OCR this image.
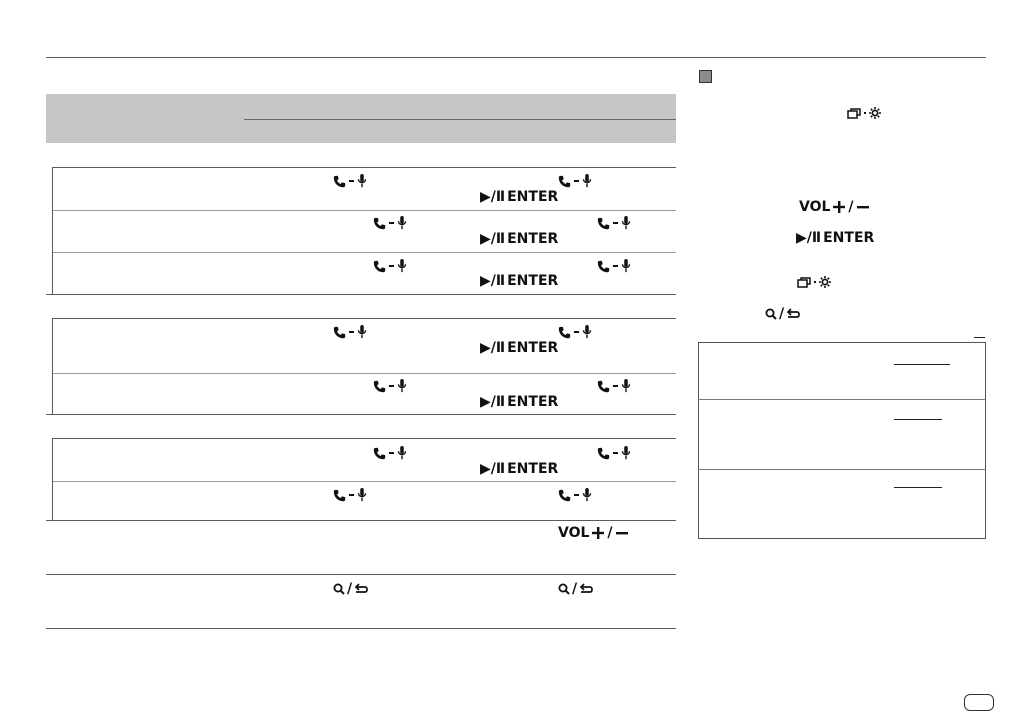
▶/Ⅱ ENTER
▶/Ⅱ ENTER
▶/Ⅱ ENTER
▶/Ⅱ ENTER
▶/Ⅱ ENTER
▶/Ⅱ ENTER
VOL /
/	/
VOL /
▶/Ⅱ ENTER
/
